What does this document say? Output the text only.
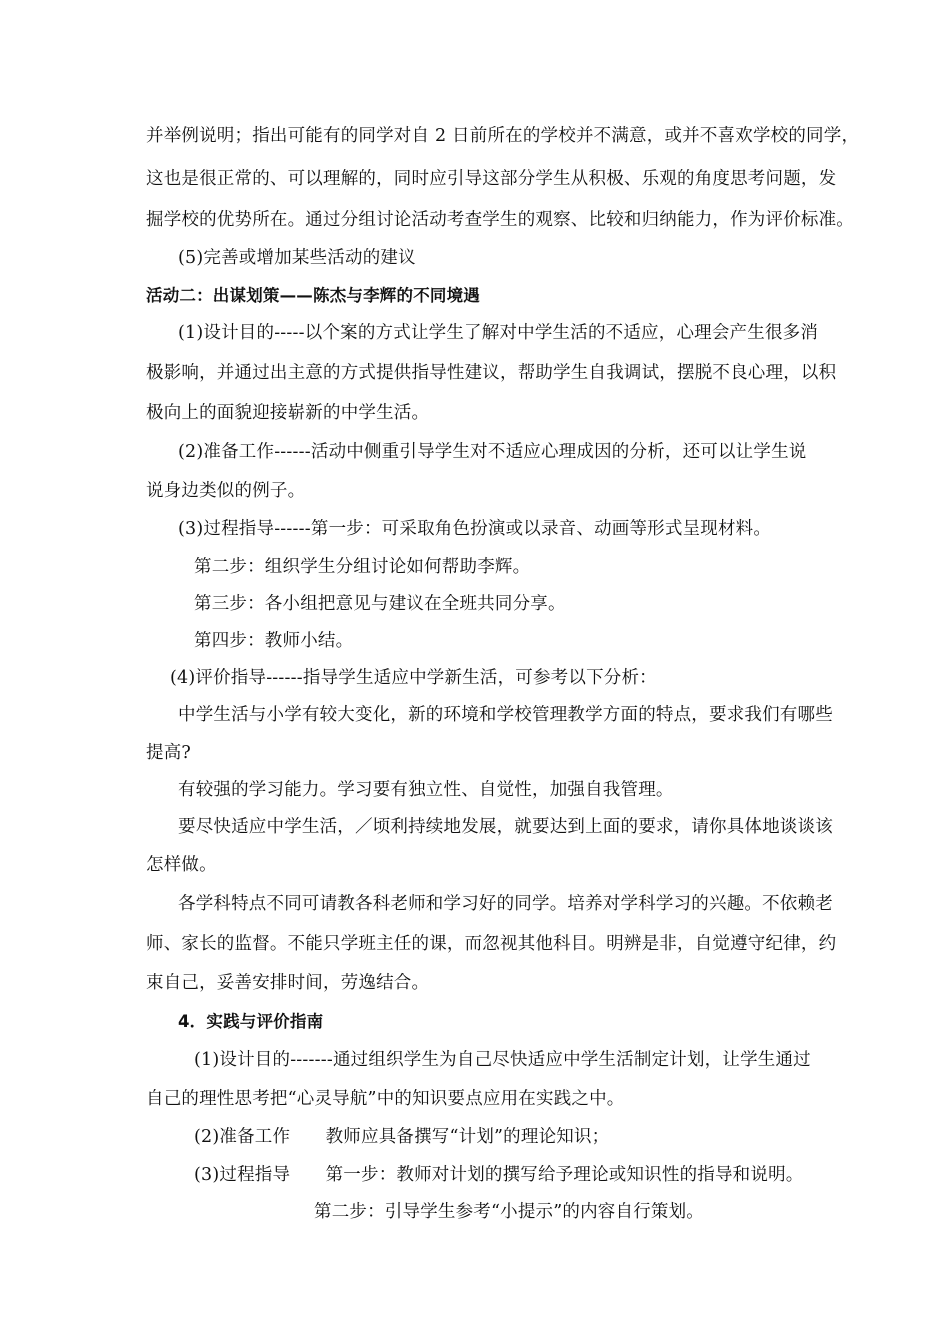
并举例说明；指出可能有的同学对自 2 日前所在的学校并不满意，或并不喜欢学校的同学，
这也是很正常的、可以理解的，同时应引导这部分学生从积极、乐观的角度思考问题，发
掘学校的优势所在。通过分组讨论活动考查学生的观察、比较和归纳能力，作为评价标准。
(5)完善或增加某些活动的建议
活动二：出谋划策——陈杰与李辉的不同境遇
(1)设计目的-----以个案的方式让学生了解对中学生活的不适应，心理会产生很多消
极影响，并通过出主意的方式提供指导性建议，帮助学生自我调试，摆脱不良心理，以积
极向上的面貌迎接崭新的中学生活。
(2)准备工作------活动中侧重引导学生对不适应心理成因的分析，还可以让学生说
说身边类似的例子。
(3)过程指导------第一步：可采取角色扮演或以录音、动画等形式呈现材料。
第二步：组织学生分组讨论如何帮助李辉。
第三步：各小组把意见与建议在全班共同分享。
第四步：教师小结。
(4)评价指导------指导学生适应中学新生活，可参考以下分析：
中学生活与小学有较大变化，新的环境和学校管理教学方面的特点，要求我们有哪些
提高?
有较强的学习能力。学习要有独立性、自觉性，加强自我管理。
要尽快适应中学生活，／顷利持续地发展，就要达到上面的要求，请你具体地谈谈该
怎样做。
各学科特点不同可请教各科老师和学习好的同学。培养对学科学习的兴趣。不依赖老
师、家长的监督。不能只学班主任的课，而忽视其他科目。明辨是非，自觉遵守纪律，约
束自己，妥善安排时间，劳逸结合。
4．实践与评价指南
(1)设计目的-------通过组织学生为自己尽快适应中学生活制定计划，让学生通过
自己的理性思考把“心灵导航”中的知识要点应用在实践之中。
(2)准备工作　　教师应具备撰写“计划”的理论知识；
(3)过程指导　　第一步：教师对计划的撰写给予理论或知识性的指导和说明。
第二步：引导学生参考“小提示”的内容自行策划。
